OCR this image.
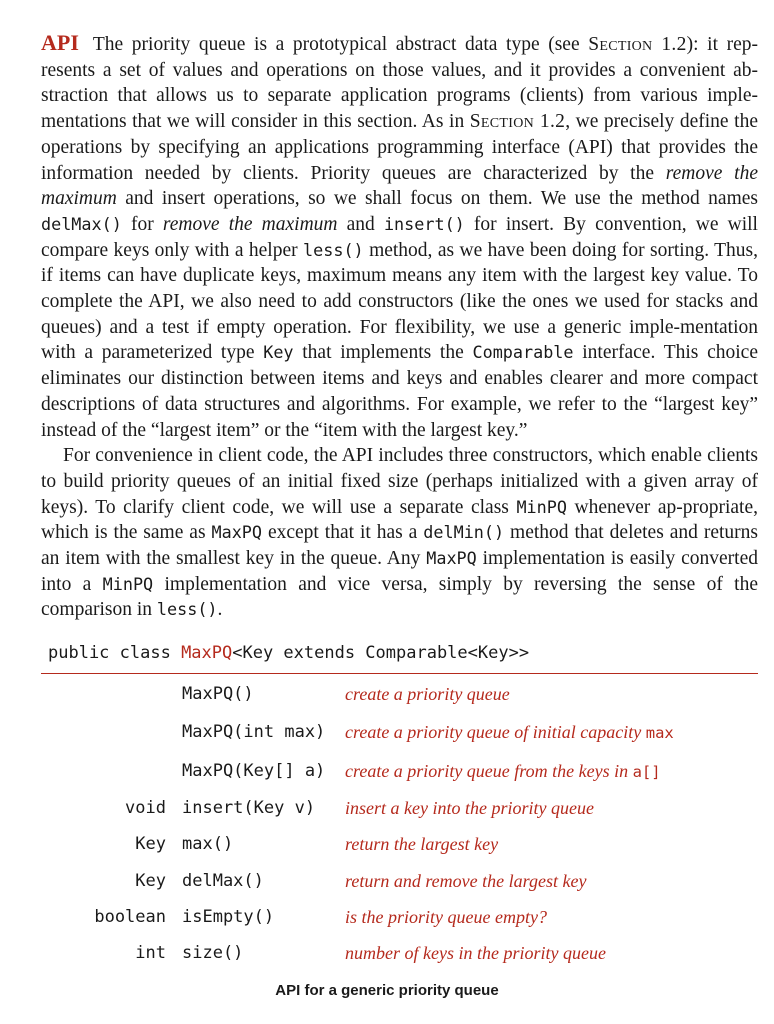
API The priority queue is a prototypical abstract data type (see Section 1.2): it rep-resents a set of values and operations on those values, and it provides a convenient ab-straction that allows us to separate application programs (clients) from various imple-mentations that we will consider in this section. As in Section 1.2, we precisely define the operations by specifying an applications programming interface (API) that provides the information needed by clients. Priority queues are characterized by the remove the maximum and insert operations, so we shall focus on them. We use the method names delMax() for remove the maximum and insert() for insert. By convention, we will compare keys only with a helper less() method, as we have been doing for sorting. Thus, if items can have duplicate keys, maximum means any item with the largest key value. To complete the API, we also need to add constructors (like the ones we used for stacks and queues) and a test if empty operation. For flexibility, we use a generic imple-mentation with a parameterized type Key that implements the Comparable interface. This choice eliminates our distinction between items and keys and enables clearer and more compact descriptions of data structures and algorithms. For example, we refer to the “largest key” instead of the “largest item” or the “item with the largest key.”

For convenience in client code, the API includes three constructors, which enable clients to build priority queues of an initial fixed size (perhaps initialized with a given array of keys). To clarify client code, we will use a separate class MinPQ whenever ap-propriate, which is the same as MaxPQ except that it has a delMin() method that deletes and returns an item with the smallest key in the queue. Any MaxPQ implementation is easily converted into a MinPQ implementation and vice versa, simply by reversing the sense of the comparison in less().

public class MaxPQ<Key extends Comparable<Key>>
MaxPQ()	create a priority queue
MaxPQ(int max) create a priority queue of initial capacity max
MaxPQ(Key[] a) create a priority queue from the keys in a[]
void insert(Key v) insert a key into the priority queue
Key max()	return the largest key
Key delMax()	return and remove the largest key
boolean isEmpty()	is the priority queue empty?
int size()	number of keys in the priority queue
API for a generic priority queue
